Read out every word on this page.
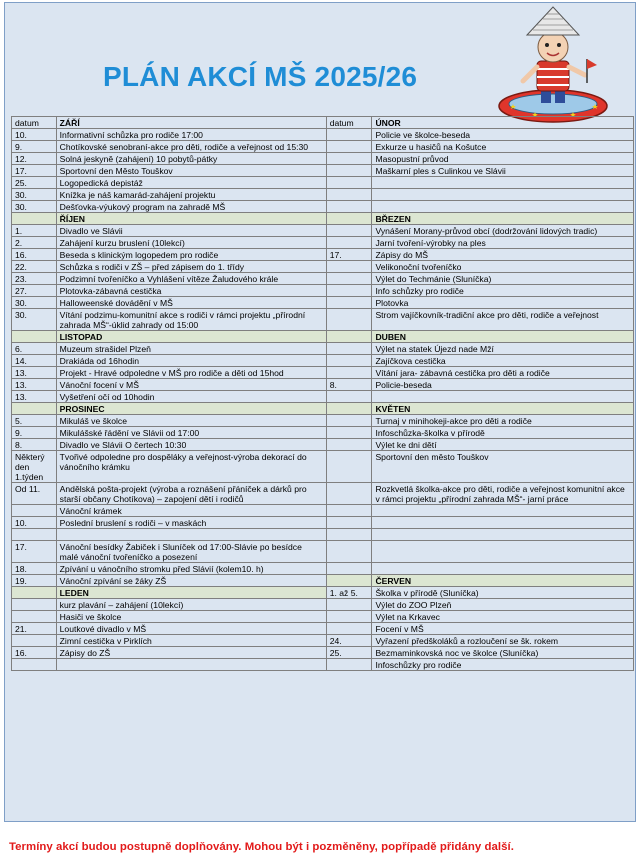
PLÁN AKCÍ MŠ 2025/26
datum	ZÁŘÍ	datum	ÚNOR
10.	Informativní schůzka pro rodiče 17:00		Policie ve školce-beseda
9.	Chotíkovské senobraní-akce pro děti, rodiče a veřejnost od 15:30		Exkurze u hasičů na Košutce
12.	Solná jeskyně (zahájení) 10 pobytů-pátky		Masopustní průvod
17.	Sportovní den Město Touškov		Maškarní ples s Culinkou ve Slávii
25.	Logopedická depistáž		
30.	Knížka je náš kamarád-zahájení projektu		
30.	Dešťovka-výukový program na zahradě MŠ		
	ŘÍJEN		BŘEZEN
1.	Divadlo ve Slávii		Vynášení Morany-průvod obcí (dodržování lidových tradic)
2.	Zahájení kurzu bruslení (10lekcí)		Jarní tvoření-výrobky na ples
16.	Beseda s klinickým logopedem pro rodiče	17.	Zápisy do MŠ
22.	Schůzka s rodiči v ZŠ – před zápisem do 1. třídy		Velikonoční tvořeníčko
23.	Podzimní tvořeníčko a Vyhlášení vítěze Žaludového krále		Výlet do Techmánie (Sluníčka)
27.	Plotovka-zábavná cestička		Info schůzky pro rodiče
30.	Halloweenské dovádění v MŠ		Plotovka
30.	Vítání podzimu-komunitní akce s rodiči v rámci projektu „přírodní zahrada MŠ“-úklid zahrady od 15:00		Strom vajíčkovník-tradiční akce pro děti, rodiče a veřejnost
	LISTOPAD		DUBEN
6.	Muzeum strašidel Plzeň		Výlet na statek Újezd nade Mží
14.	Drakiáda od 16hodin		Zajíčkova cestička
13.	Projekt - Hravé odpoledne v MŠ pro rodiče a děti od 15hod		Vítání jara- zábavná cestička pro děti a rodiče
13.	Vánoční focení v MŠ	8.	Policie-beseda
13.	Vyšetření očí od 10hodin		
	PROSINEC		KVĚTEN
5.	Mikuláš ve školce		Turnaj v minihokeji-akce pro děti a rodiče
9.	Mikulášské řádění ve Slávii od 17:00		Infoschůzka-školka v přírodě
8.	Divadlo ve Slávii O čertech 10:30		Výlet ke dni dětí
Některý den 1.týden	Tvořivé odpoledne pro dospěláky a veřejnost-výroba dekorací do vánočního krámku		Sportovní den město Touškov
Od 11.	Andělská pošta-projekt (výroba a roznášení přáníček a dárků pro starší občany Chotíkova) – zapojení dětí i rodičů		Rozkvetlá školka-akce pro děti, rodiče a veřejnost komunitní akce v rámci projektu „přírodní zahrada MŠ“- jarní práce
	Vánoční krámek		
10.	Poslední bruslení s rodiči – v maskách		

17.	Vánoční besídky Žabiček i Sluníček od 17:00-Slávie po besídce malé vánoční tvořeníčko a posezení		
18.	Zpívání u vánočního stromku před Slávií (kolem10. h)		
19.	Vánoční zpívání se žáky ZŠ		ČERVEN
	LEDEN	1. až 5.	Školka v přírodě (Sluníčka)
	kurz plavání – zahájení (10lekcí)		Výlet do ZOO Plzeň
	Hasiči ve školce		Výlet na Krkavec
21.	Loutkové divadlo v MŠ		Focení v MŠ
	Zimní cestička v Pirklích	24.	Vyřazení předškoláků a rozloučení se šk. rokem
16.	Zápisy do ZŠ	25.	Bezmaminkovská noc ve školce (Sluníčka)
			Infoschůzky pro rodiče

Termíny akcí budou postupně doplňovány. Mohou být i pozměněny, popřípadě přidány další.
